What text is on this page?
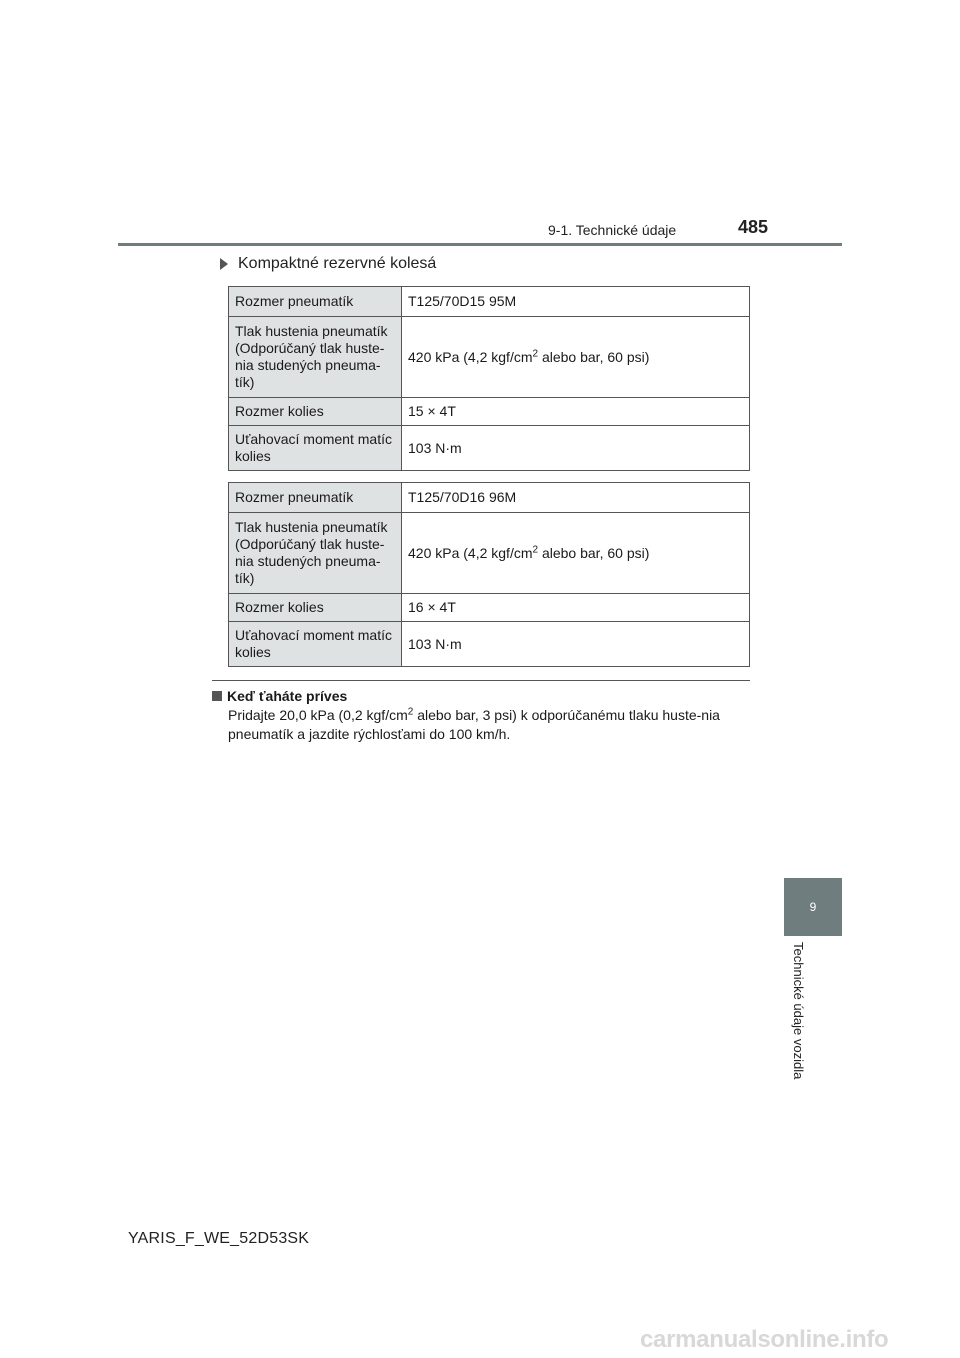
9-1. Technické údaje	485
Kompaktné rezervné kolesá
Rozmer pneumatík	T125/70D15 95M
Tlak hustenia pneumatík (Odporúčaný tlak huste-nia studených pneuma-tík)	420 kPa (4,2 kgf/$cm^2$ alebo bar, 60 psi)
Rozmer kolies	15 × 4T
Uťahovací moment matíc kolies	103 N·m
Rozmer pneumatík	T125/70D16 96M
Tlak hustenia pneumatík (Odporúčaný tlak huste-nia studených pneuma-tík)	420 kPa (4,2 kgf/$cm^2$ alebo bar, 60 psi)
Rozmer kolies	16 × 4T
Uťahovací moment matíc kolies	103 N·m
Keď ťaháte príves
Pridajte 20,0 kPa (0,2 kgf/$cm^2$ alebo bar, 3 psi) k odporúčanému tlaku huste-nia pneumatík a jazdite rýchlosťami do 100 km/h.
9
Technické údaje vozidla
YARIS_F_WE_52D53SK
carmanualsonline.info
